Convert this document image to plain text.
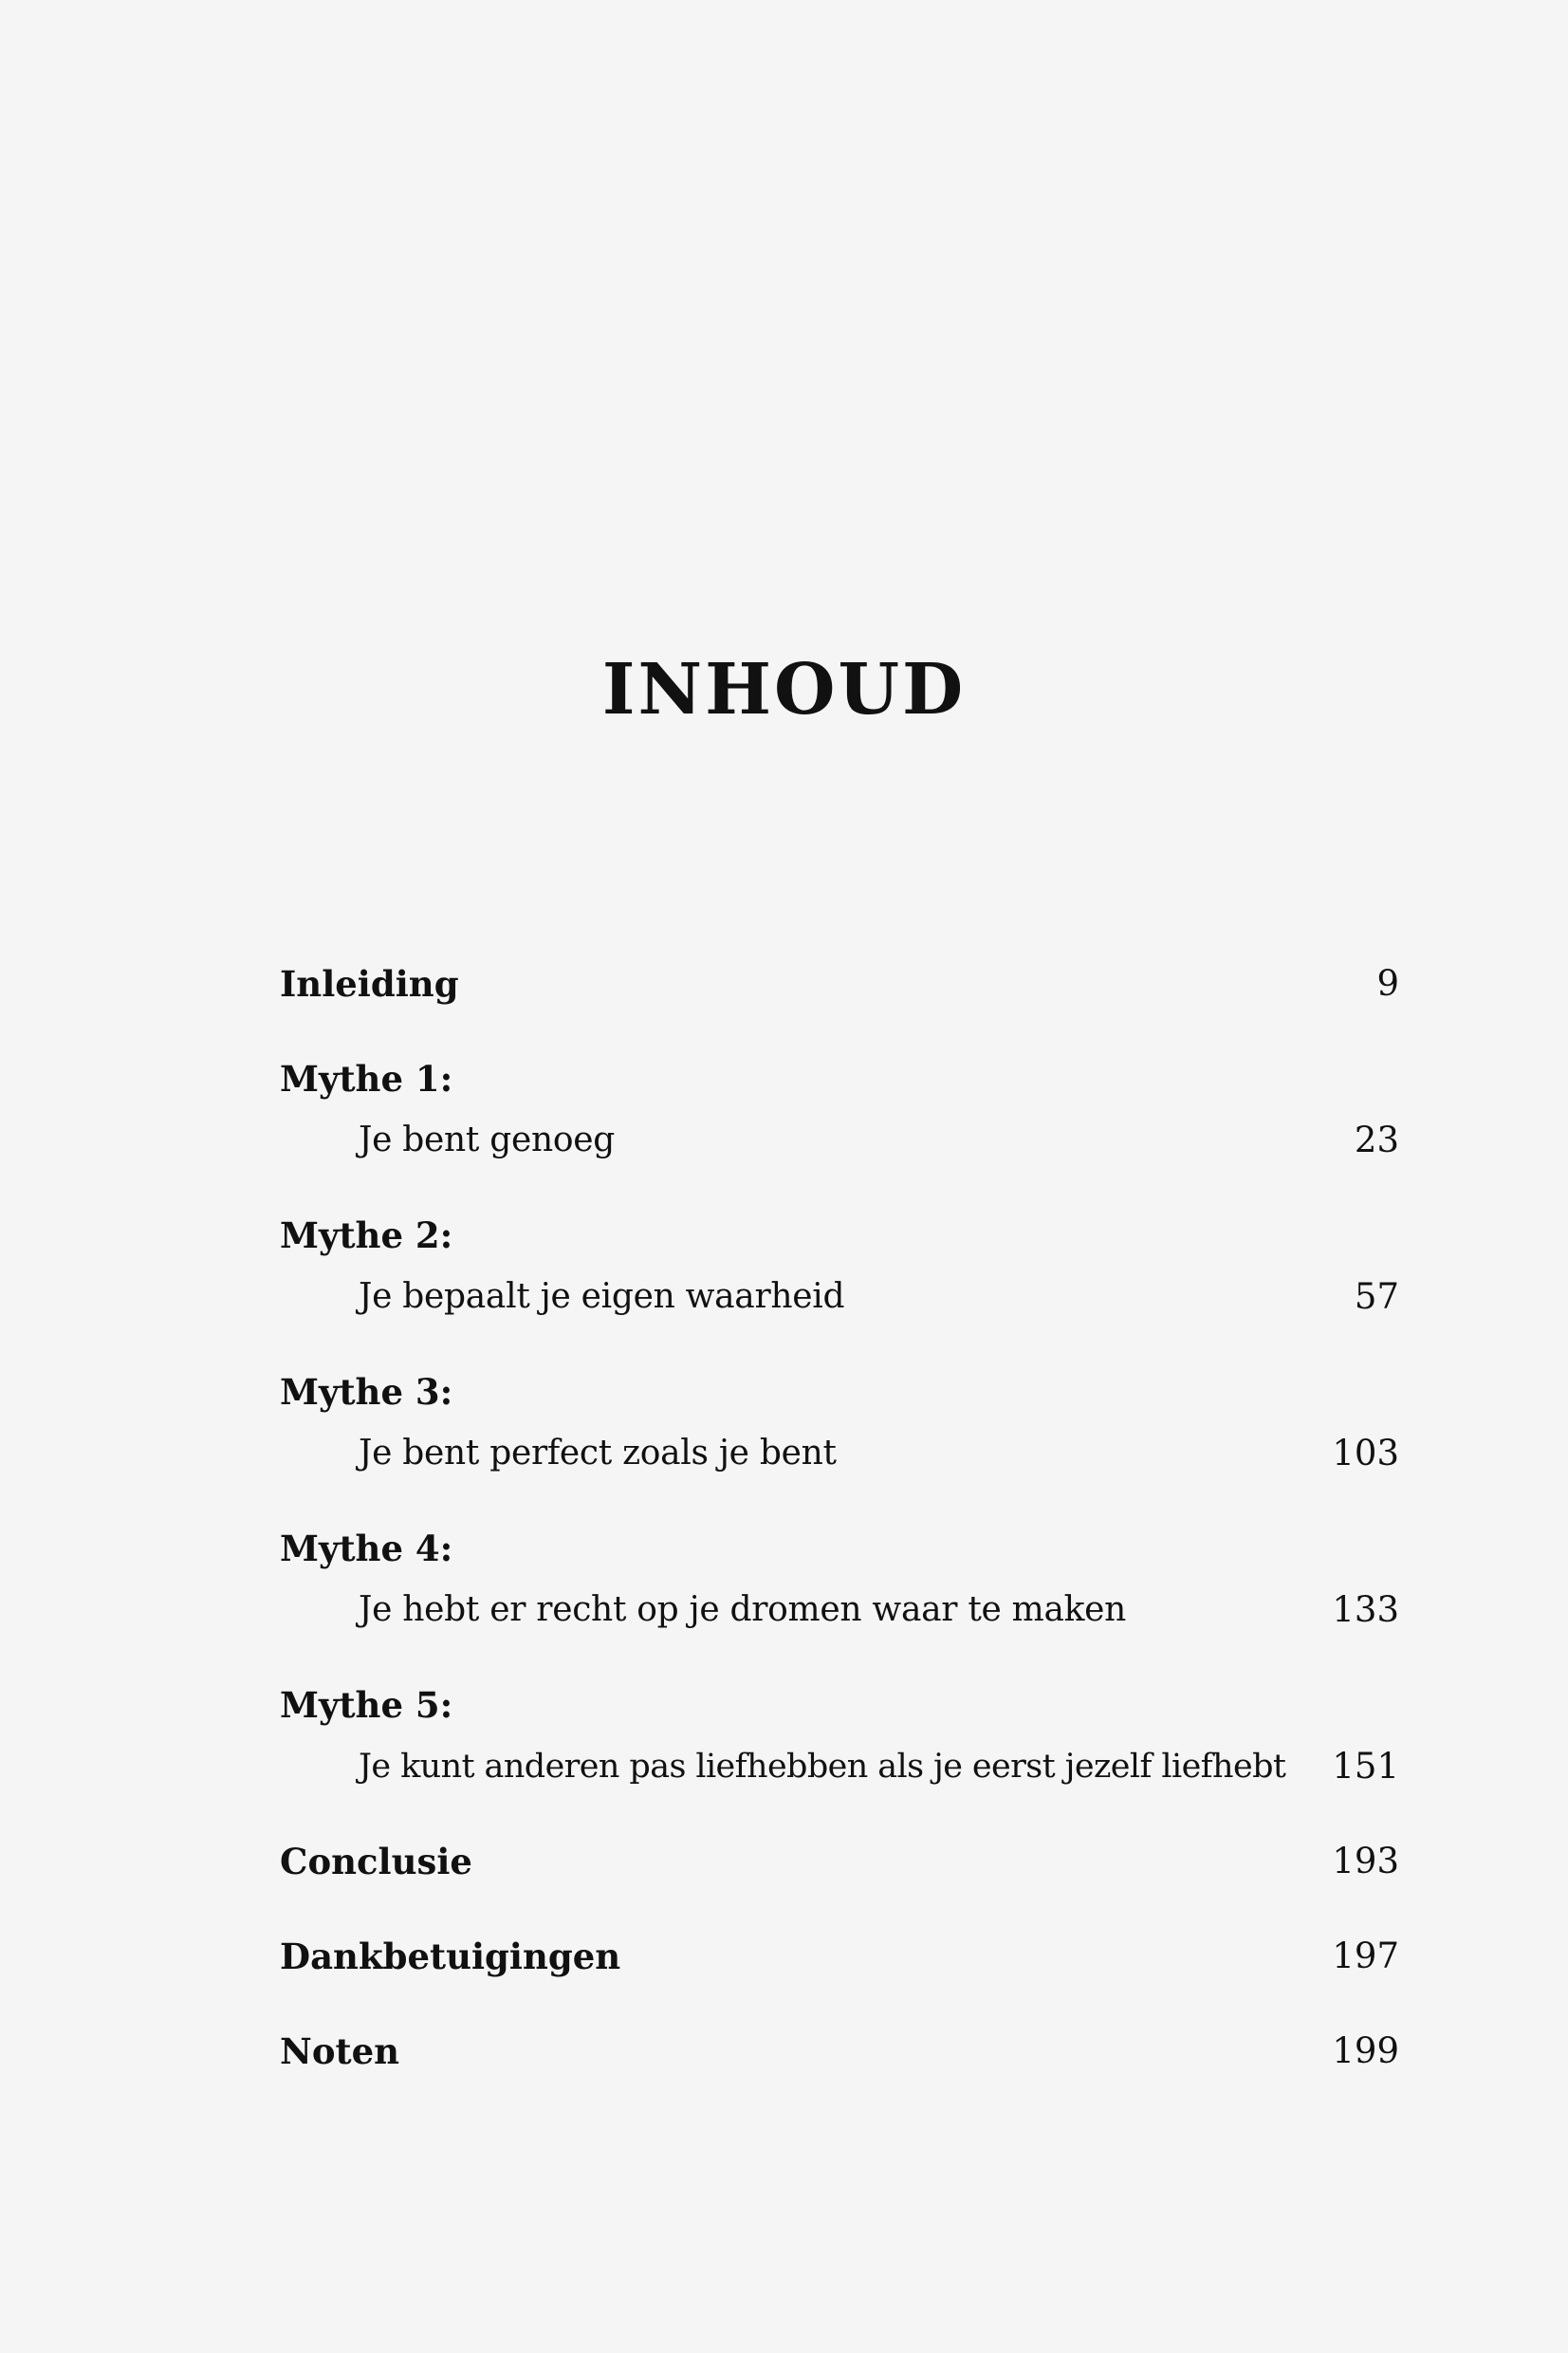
INHOUD
Inleiding	9
Mythe 1:
Je bent genoeg	23
Mythe 2:
Je bepaalt je eigen waarheid	57
Mythe 3:
Je bent perfect zoals je bent	103
Mythe 4:
Je hebt er recht op je dromen waar te maken	133
Mythe 5:
Je kunt anderen pas liefhebben als je eerst jezelf liefhebt 151
Conclusie	193
Dankbetuigingen	197
Noten	199
